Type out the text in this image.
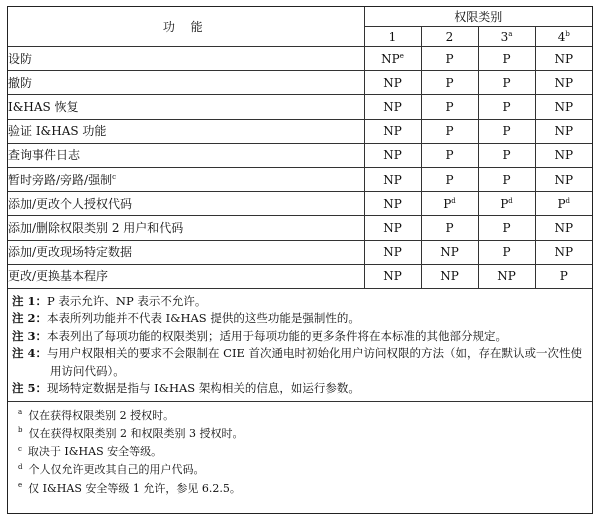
功 能	权限类别			
	1	2	3$^a$	4$^b$
设防	$NP^e$	P	P	NP
撤防	NP	P	P	NP
I&HAS 恢复	NP	P	P	NP
验证 I&HAS 功能	NP	P	P	NP
查询事件日志	NP	P	P	NP
暂时旁路/旁路/强制$^c$	NP	P	P	NP
添加/更改个人授权代码	NP	$P^d$	$P^d$	$P^d$
添加/删除权限类别 2 用户和代码	NP	P	P	NP
添加/更改现场特定数据	NP	NP	P	NP
更改/更换基本程序	NP	NP	NP	P
注 1：P 表示允许、NP 表示不允许。
注 2：本表所列功能并不代表 I&HAS 提供的这些功能是强制性的。
注 3：本表列出了每项功能的权限类别；适用于每项功能的更多条件将在本标准的其他部分规定。
注 4：与用户权限相关的要求不会限制在 CIE 首次通电时初始化用户访问权限的方法（如，存在默认或一次性使
用访问代码）。
注 5：现场特定数据是指与 I&HAS 架构相关的信息，如运行参数。
$^a$ 仅在获得权限类别 2 授权时。
$^b$ 仅在获得权限类别 2 和权限类别 3 授权时。
$^c$ 取决于 I&HAS 安全等级。
$^d$ 个人仅允许更改其自己的用户代码。
$^e$ 仅 I&HAS 安全等级 1 允许，参见 6.2.5。
